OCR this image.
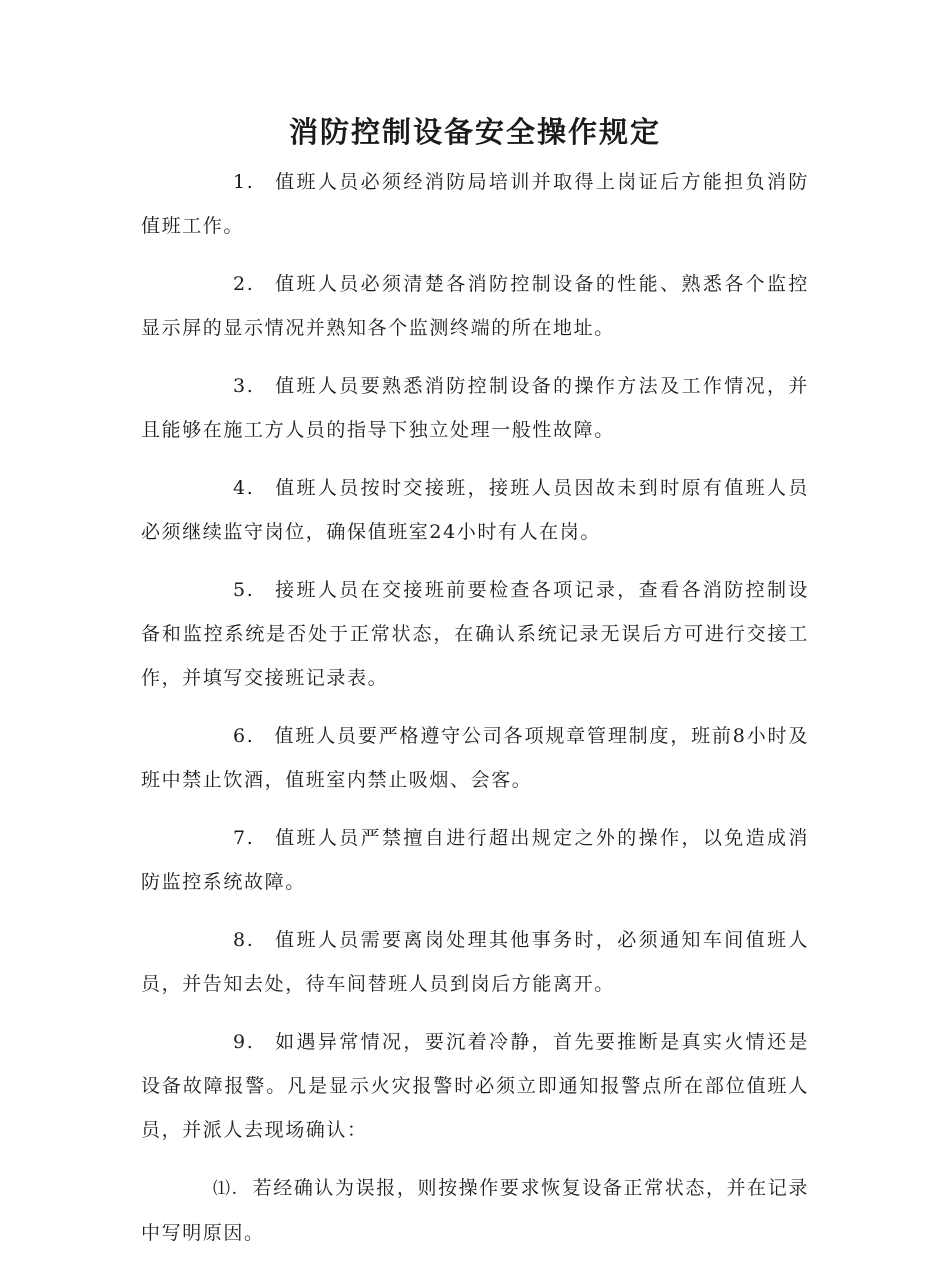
消防控制设备安全操作规定

1. 值班人员必须经消防局培训并取得上岗证后方能担负消防值班工作。

2. 值班人员必须清楚各消防控制设备的性能、熟悉各个监控显示屏的显示情况并熟知各个监测终端的所在地址。

3. 值班人员要熟悉消防控制设备的操作方法及工作情况，并且能够在施工方人员的指导下独立处理一般性故障。

4. 值班人员按时交接班，接班人员因故未到时原有值班人员必须继续监守岗位，确保值班室24小时有人在岗。

5. 接班人员在交接班前要检查各项记录，查看各消防控制设备和监控系统是否处于正常状态，在确认系统记录无误后方可进行交接工作，并填写交接班记录表。

6. 值班人员要严格遵守公司各项规章管理制度，班前8小时及班中禁止饮酒，值班室内禁止吸烟、会客。

7. 值班人员严禁擅自进行超出规定之外的操作，以免造成消防监控系统故障。

8. 值班人员需要离岗处理其他事务时，必须通知车间值班人员，并告知去处，待车间替班人员到岗后方能离开。

9. 如遇异常情况，要沉着冷静，首先要推断是真实火情还是设备故障报警。凡是显示火灾报警时必须立即通知报警点所在部位值班人员，并派人去现场确认：

⑴. 若经确认为误报，则按操作要求恢复设备正常状态，并在记录中写明原因。
